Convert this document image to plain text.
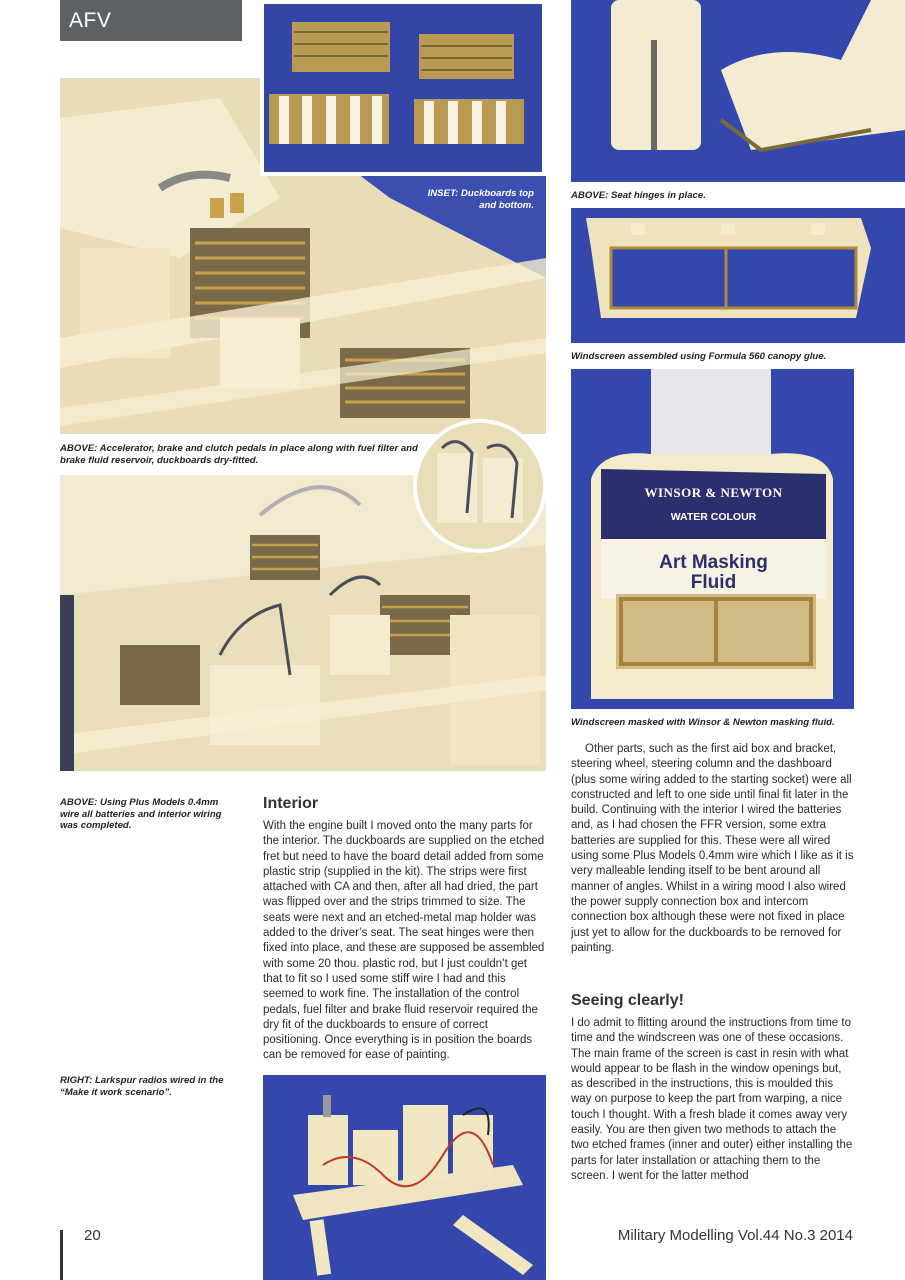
AFV
INSET: Duckboards top and bottom.
ABOVE: Accelerator, brake and clutch pedals in place along with fuel filter and brake fluid reservoir, duckboards dry-fitted.
ABOVE: Using Plus Models 0.4mm wire all batteries and interior wiring was completed.
Interior

With the engine built I moved onto the many parts for the interior. The duckboards are supplied on the etched fret but need to have the board detail added from some plastic strip (supplied in the kit). The strips were first attached with CA and then, after all had dried, the part was flipped over and the strips trimmed to size. The seats were next and an etched-metal map holder was added to the driver’s seat. The seat hinges were then fixed into place, and these are supposed be assembled with some 20 thou. plastic rod, but I just couldn’t get that to fit so I used some stiff wire I had and this seemed to work fine. The installation of the control pedals, fuel filter and brake fluid reservoir required the dry fit of the duckboards to ensure of correct positioning. Once everything is in position the boards can be removed for ease of painting.

RIGHT: Larkspur radios wired in the “Make it work scenario”.
ABOVE: Seat hinges in place.
Windscreen assembled using Formula 560 canopy glue.
WINSOR & NEWTON
WATER COLOUR
Art Masking
Fluid
Windscreen masked with Winsor & Newton masking fluid.

Other parts, such as the first aid box and bracket, steering wheel, steering column and the dashboard (plus some wiring added to the starting socket) were all constructed and left to one side until final fit later in the build. Continuing with the interior I wired the batteries and, as I had chosen the FFR version, some extra batteries are supplied for this. These were all wired using some Plus Models 0.4mm wire which I like as it is very malleable lending itself to be bent around all manner of angles. Whilst in a wiring mood I also wired the power supply connection box and intercom connection box although these were not fixed in place just yet to allow for the duckboards to be removed for painting.

Seeing clearly!

I do admit to flitting around the instructions from time to time and the windscreen was one of these occasions. The main frame of the screen is cast in resin with what would appear to be flash in the window openings but, as described in the instructions, this is moulded this way on purpose to keep the part from warping, a nice touch I thought. With a fresh blade it comes away very easily. You are then given two methods to attach the two etched frames (inner and outer) either installing the parts for later installation or attaching them to the screen. I went for the latter method

20	Military Modelling Vol.44 No.3 2014
